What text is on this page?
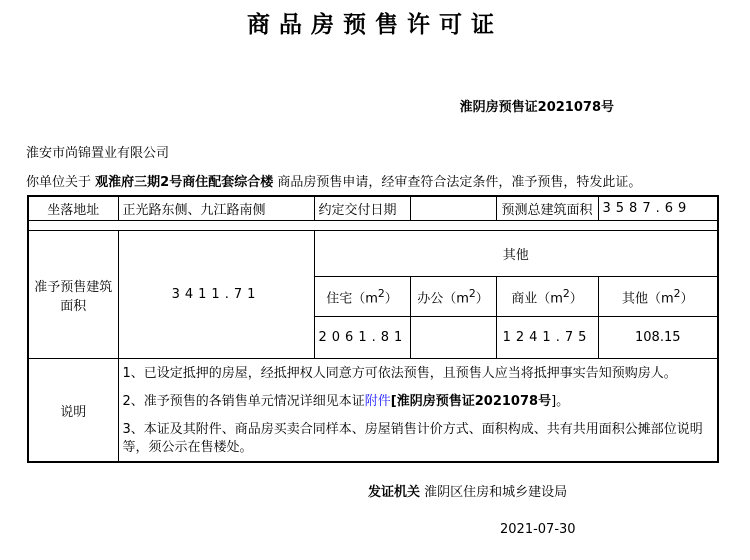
商品房预售许可证
淮阴房预售证2021078号
淮安市尚锦置业有限公司
你单位关于 观淮府三期2号商住配套综合楼 商品房预售申请，经审查符合法定条件，准予预售，特发此证。
坐落地址	正光路东侧、九江路南侧	约定交付日期		预测总建筑面积	3587.69

准予预售建筑面积	3411.71	其他			
		住宅$(m^2)$	办公$(m^2)$	商业$(m^2)$	其他$(m^2)$
		2061.81		1241.75	108.15
说明	1、已设定抵押的房屋，经抵押权人同意方可依法预售，且预售人应当将抵押事实告知预购房人。

2、准予预售的各销售单元情况详细见本证附件[淮阴房预售证2021078号]。

3、本证及其附件、商品房买卖合同样本、房屋销售计价方式、面积构成、共有共用面积公摊部位说明等，须公示在售楼处。				

发证机关 淮阴区住房和城乡建设局
2021-07-30
